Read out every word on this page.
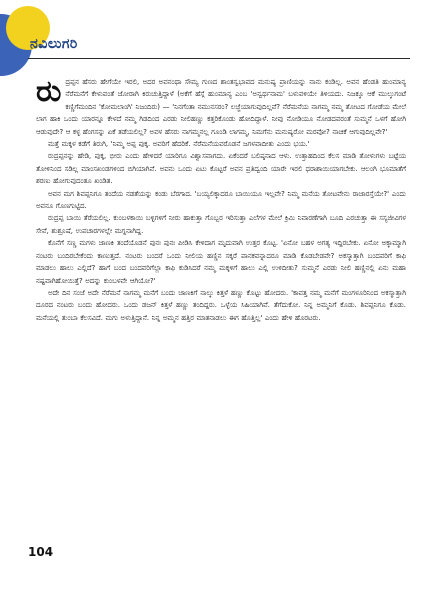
ನವಿಲುಗರಿ

ರುದ್ರಪ್ಪನ ಹೆಸರು ಹೇಗೆಯೇ ಇರಲಿ, ಅದರ ಅವನಂಥಾ ಸೌಮ್ಯ ಗುಣದ ಶಾಂತಸ್ವಭಾವದ ಮನುಷ್ಯ ಪ್ರಾಣಿಯನ್ನು ನಾನು ಕಂಡಿಲ್ಲ. ಅವನ ಹೆಂಡತಿ ಹುಂಮಾನ್ಯ ನೆರೆಮನೆಗೆ ಕೇಳುವಂತೆ ಜೋರಾಗಿ ಕಿರುಚುತ್ತಿದ್ದಾಳೆ (ಅಕೆಗೆ ಹೆಸ್ಗೆ ಹುಂಮಾನ್ಯ ಎಂಬ 'ಅನ್ವರ್ಥನಾಮ' ಬಳುವಳಿಯೇ ತಿಳಿಯದು. ನಿಜಕ್ಕೂ ಆಕೆ ಮುಲ್ಕುಗಂಟೆ ಕಣ್ಣಿಗೆಮಂದಿನ 'ಕೋಮಲಾಂಗಿ' ನಿಜಂದಿರು) — 'ನಿನಗೆಂತಾ ನಮುನಸರಂ? ಲಜ್ಜೆಯಾಗುವುದಿಲ್ಲವೆ? ನೆರೆಮನೆಯ ನಾಗಮ್ಮ ನಮ್ಮ ತೋಟದ ಗೋಡೆಯ ಮೇಲೆ ಲಾಗ ಹಾಕಿ ಒಂದು ಯಾರನ್ನೂ ಕೇಳದೆ ನಮ್ಮ ಗಿಡದಿಂದ ಎರಡು ನೀಲಿಹಣ್ಣು ಕತ್ತರಿಕೊಂಡು ಹೋದಿದ್ದಾಳೆ. ನೀವು ನೋಡಿಯೂ ನೋಡದವರಂತೆ ಸುಮ್ಮನೆ ಒಳಗೆ ಹೋಗಿ ಆಡುವುದೇ? ಆ ಕಳ್ಳ ಹೆಂಗಸನ್ನು ಏಕೆ ತಡೆಯಲಿಲ್ಲ? ಅವಳ ಹೆಸರು ನಾಗಮ್ಮನಲ್ಲ ಗೂಂಡಿ ಲಾಗಮ್ಮ, ನಿಮಗೆನು ಮನುಷ್ಯರೋ ಮರವೋ? ನಾಚಿಕೆ ಆಗುವುದಿಲ್ಲವೇ?'

ಮತ್ತೆ ಮಕ್ಕಳ ಕಡೆಗೆ ತಿರುಗಿ, 'ನಿಮ್ಮ ಅಪ್ಪ ಪುಕ್ಕ. ಅವರಿಗೆ ಹೆದರಿಕೆ. ನೆರೆಮನೆಯವರೊಡನೆ ಜಗಳವಾದೀತು ಎಂದು ಭಯ.'

ರುದ್ರಪ್ಪನನ್ನು ಹೇಡಿ, ಪುಕ್ಕ, ಭೀರು ಎಂದು ಹೇಳಿದರೆ ಯಾರಿಗೂ ವಿಶ್ವಾಸವಾಗದು. ಏಕೆಂದರೆ ಬಲಿಷ್ಠನಾದ ಆಳು. ಉತ್ತಾಹದಿಂದ ಕೆಲಸ ಮಾಡಿ ತೋಳುಗಳು ಬಟ್ಟೆಯ ತೋಳಿನಿಂದ ಸಡಿಲ್ಲ ಮಾಂಸಖಂಡಗಳಿಂದ ಬಿಗಿಯಾಗಿವೆ. ಅವನು ಒಂದು ಏಟು ಕೊಟ್ಟರೆ ಅವನ ಪ್ರತಿದ್ವಂದಿ ಯಾರೇ ಇರಲಿ ಧರಾಶಾಯಿಯಾಗಬೇಕು. ಆಲಂಗಿ ಭೂಮಾತೆಗೆ ಶರಣು ಹೋಗುವುದಂತೂ ಖಂಡಿತ.

ಅವನ ಮಗ ಶಿವಪ್ಪನಿಗೂ ತಂದೆಯ ನಡತೆಯನ್ನು ಕಂಡು ಬೆರಗಾದ. 'ಬಯ್ಯಲಿಕ್ಕಾದರೂ ಬಾಯಿಯೂ ಇಲ್ಲವೇ? ನಿಮ್ಮ ಮನೆಯ ತೋಟವೇನು ರಾಜಾರಸ್ತೆಯೇ?' ಎಂದು ಅವನೂ ಗೊಣಗುಟ್ಟಿದ.

ರುದ್ರಪ್ಪ ಬಾಯಿ ತೆರೆಯಲಿಲ್ಲ. ಕುಂಬಳಕಾಯಿ ಬಳ್ಳಿಗಳಿಗೆ ನೀರು ಹಾಕುತ್ತಾ ಗೊಬ್ಬರ ಇರಿಸುತ್ತಾ ಎಲೆಗಳ ಮೇಲೆ ಕ್ರಿಮಿ ನಿವಾರಣೆಗಾಗಿ ಬೂದಿ ಎರಚುತ್ತಾ ಈ ಸಸ್ಯಜೀವಿಗಳ ಸೇವೆ, ಶುಶ್ರೂಷೆ, ಉಪಚಾರಗಳಲ್ಲೇ ಮಗ್ನನಾಗಿದ್ದ.

ಕೊನೆಗೆ ಸಣ್ಣ ಮಗಳು ಜಾಣಕಿ ತಂದೆಯೊಡನೆ ಪುನಃ ಪುನಃ ಪೀಡಿಸಿ ಕೇಳಿದಾಗ ಮೃದುವಾಗಿ ಉತ್ತರ ಕೊಟ್ಟ. 'ಏನೋ ಬಹಳ ಅಗತ್ಯ ಇದ್ದಿರಬೇಕು. ಏನೋ ಅಕ್ಕಾಮ್ಮಾಗಿ ನಂಟರು ಬಂದಿರಬೇಕೆಂದು ಕಾಣುತ್ತದೆ. ನಂಟರು ಬಂದರೆ ಒಂದು ನೀಲಿಯ ಹಣ್ಣಿನ ಸಕ್ಕರೆ ಪಾನಕವನ್ನಾದರೂ ಮಾಡಿ ಕೊಡಬೇಡವೇ? ಅಕಸ್ಮಾತ್ತಾಗಿ ಬಂದವರಿಗೆ ಕಾಫಿ ಮಾಡಲು ಹಾಲು ಎಲ್ಲಿದೆ? ಹಾಗೆ ಬಂದ ಬಂದವರಿಗೆಲ್ಲಾ ಕಾಫಿ ಕುಡಿಸಿದರೆ ನಮ್ಮ ಮಕ್ಕಳಿಗೆ ಹಾಲು ಎಲ್ಲಿ ಉಳಿದೀತು? ಸುಮ್ಮನೆ ಎರಡು ನೀಲಿ ಹಣ್ಣಿನಲ್ಲಿ ಏನು ಮಹಾ ನಷ್ಟವಾಗಿಹೋಯಿತ್ತೆ? ಅದನ್ನು ಕುಂಬಳವೇ ಆಗಿಯೋ?'

ಅದೇ ದಿನ ಸಂಜೆ ಅದೇ ನೆರೆಮನೆ ನಾಗಮ್ಮ ಮನೆಗೆ ಬಂದು ಜಾಣಕಿಗೆ ನಾಲ್ಕು ಕಿತ್ತಳೆ ಹಣ್ಣು ಕೊಟ್ಟು ಹೋದರು. 'ಕಾವತ್ತ ನಮ್ಮ ಮನೆಗೆ ಮಂಗಳೂರಿನಿಂದ ಅಕಸ್ಮಾತ್ತಾಗಿ ದೂರದ ನಂಟರು ಬಂದು ಹೋದರು. ಒಂದು ಡಜನ್ ಕಿತ್ತಳೆ ಹಣ್ಣು ತಂದಿದ್ದರು. ಒಳ್ಳೆಯ ಸಿಹಿಯಾಗಿವೆ. ತೆಗೆದುಕೋ. ನಿನ್ನ ಅಮ್ಮನಿಗೆ ಕೊಡು. ಶಿವಪ್ಪನಿಗೂ ಕೊಡು. ಮನೆಯಲ್ಲಿ ತುಂಬಾ ಕೆಲಸವಿದೆ. ಮಗು ಅಳುತ್ತಿದ್ದಾನೆ. ನಿನ್ನ ಅಮ್ಮನ ಹತ್ತಿರ ಮಾತನಾಡಲು ಈಗ ಹೊತ್ತಿಲ್ಲ' ಎಂದು ಹೇಳಿ ಹೊರಟರು.

104
